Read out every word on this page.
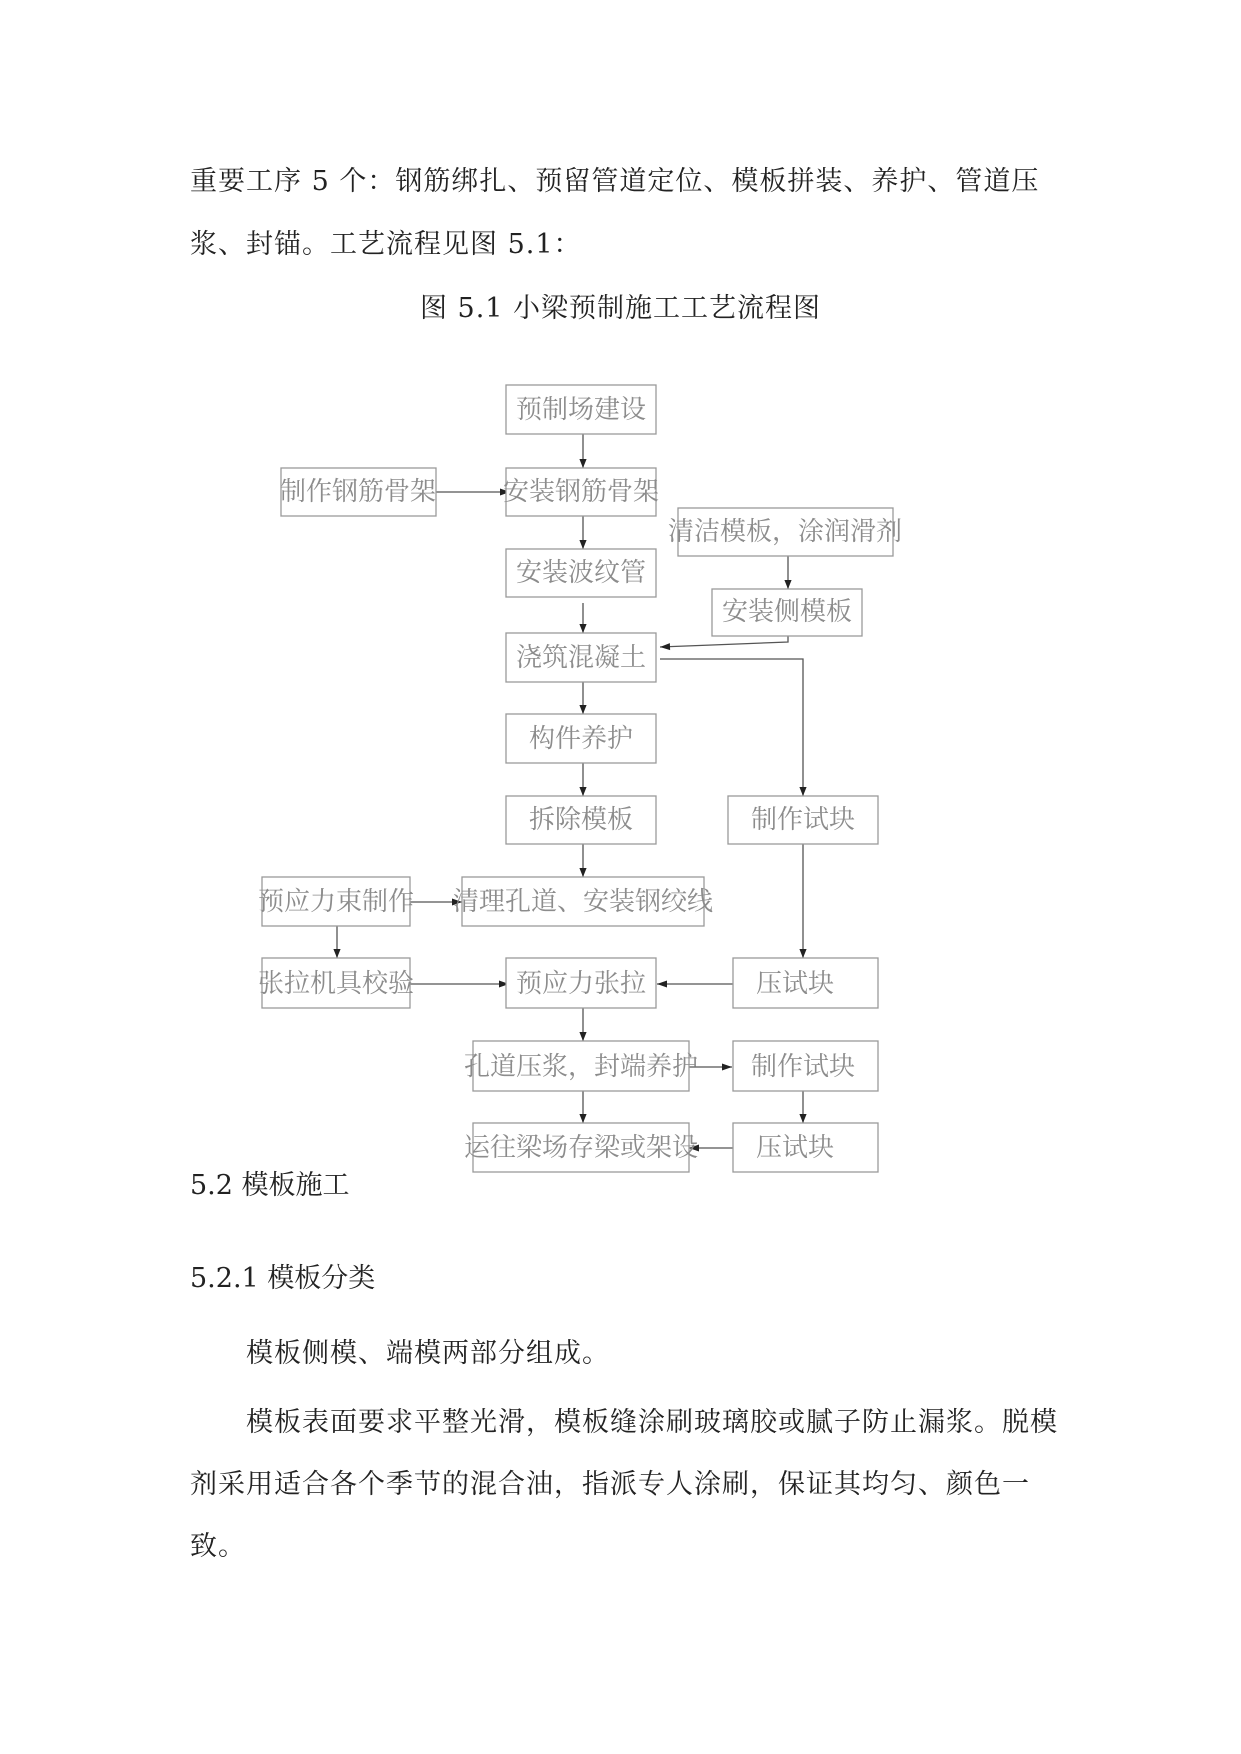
重要工序 5 个：钢筋绑扎、预留管道定位、模板拼装、养护、管道压
浆、封锚。工艺流程见图 5.1：
图 5.1 小梁预制施工工艺流程图
预制场建设
制作钢筋骨架	安装钢筋骨架
清洁模板，涂润滑剂
安装波纹管
安装侧模板
浇筑混凝土
构件养护
拆除模板	制作试块
预应力束制作 清理孔道、安装钢绞线
张拉机具校验	预应力张拉	压试块
孔道压浆，封端养护 制作试块
运往梁场存梁或架设 压试块
5.2 模板施工
5.2.1 模板分类
模板侧模、端模两部分组成。
模板表面要求平整光滑，模板缝涂刷玻璃胶或腻子防止漏浆。脱模剂采用适合各个季节的混合油，指派专人涂刷，保证其均匀、颜色一致。
